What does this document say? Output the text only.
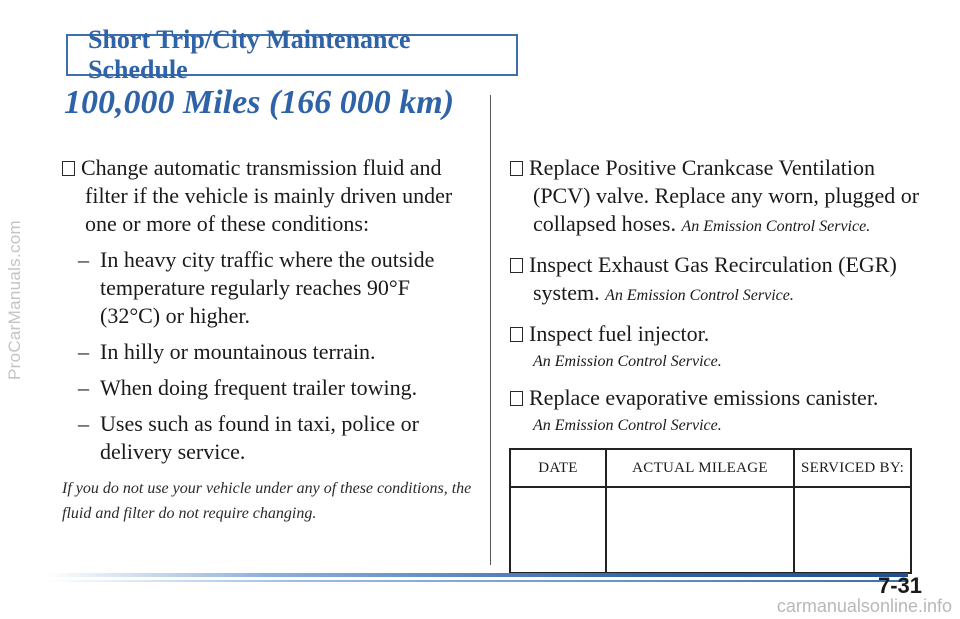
ProCarManuals.com
Short Trip/City Maintenance Schedule
100,000 Miles (166 000 km)
Change automatic transmission fluid and
filter if the vehicle is mainly driven under
one or more of these conditions:
– In heavy city traffic where the outside
temperature regularly reaches 90°F
(32°C) or higher.
– In hilly or mountainous terrain.
– When doing frequent trailer towing.
– Uses such as found in taxi, police or
delivery service.
If you do not use your vehicle under any of these conditions, the fluid and filter do not require changing.
Replace Positive Crankcase Ventilation
(PCV) valve. Replace any worn, plugged or
collapsed hoses. An Emission Control Service.
Inspect Exhaust Gas Recirculation (EGR)
system. An Emission Control Service.
Inspect fuel injector.
An Emission Control Service.
Replace evaporative emissions canister.
An Emission Control Service.
DATE	ACTUAL MILEAGE	SERVICED BY:

7-31
carmanualsonline.info
